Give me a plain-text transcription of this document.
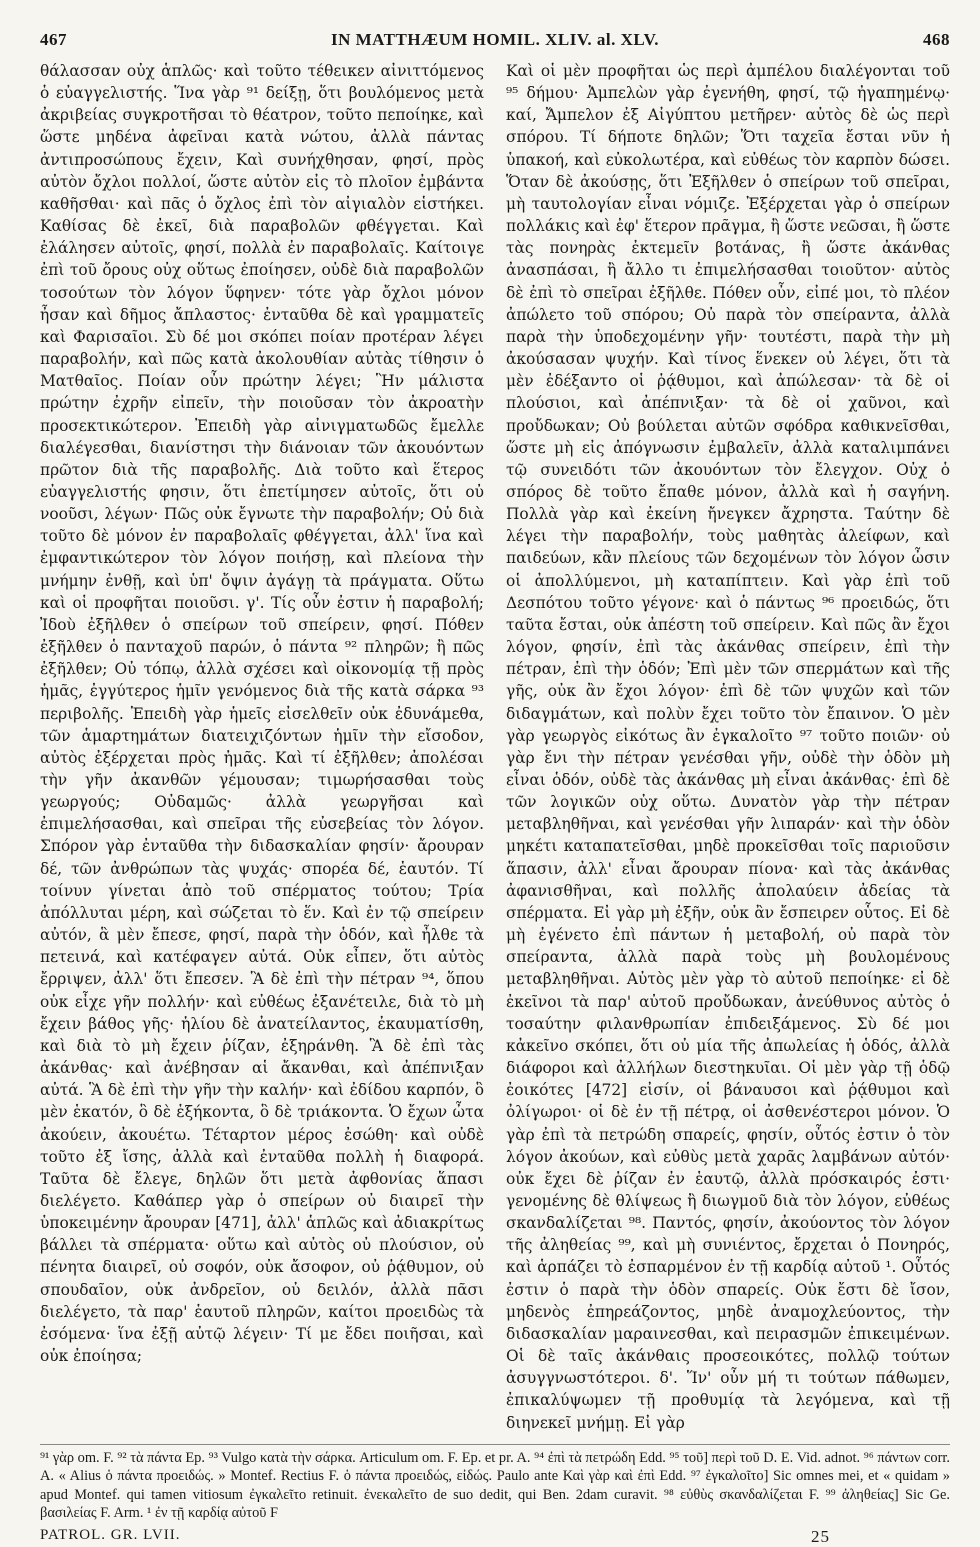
467	IN MATTHÆUM HOMIL. XLIV. al. XLV.	468

θάλασσαν οὐχ ἁπλῶς· καὶ τοῦτο τέθεικεν αἰνιττόμενος ὁ εὐαγγελιστής. Ἵνα γὰρ ⁹¹ δείξῃ, ὅτι βουλόμενος μετὰ ἀκριβείας συγκροτῆσαι τὸ θέατρον, τοῦτο πεποίηκε, καὶ ὥστε μηδένα ἀφεῖναι κατὰ νώτου, ἀλλὰ πάντας ἀντιπροσώπους ἔχειν, Καὶ συνήχθησαν, φησί, πρὸς αὐτὸν ὄχλοι πολλοί, ὥστε αὐτὸν εἰς τὸ πλοῖον ἐμβάντα καθῆσθαι· καὶ πᾶς ὁ ὄχλος ἐπὶ τὸν αἰγιαλὸν εἱστήκει. Καθίσας δὲ ἐκεῖ, διὰ παραβολῶν φθέγγεται. Καὶ ἐλάλησεν αὐτοῖς, φησί, πολλὰ ἐν παραβολαῖς. Καίτοιγε ἐπὶ τοῦ ὄρους οὐχ οὕτως ἐποίησεν, οὐδὲ διὰ παραβολῶν τοσούτων τὸν λόγον ὕφηνεν· τότε γὰρ ὄχλοι μόνον ἦσαν καὶ δῆμος ἄπλαστος· ἐνταῦθα δὲ καὶ γραμματεῖς καὶ Φαρισαῖοι. Σὺ δέ μοι σκόπει ποίαν προτέραν λέγει παραβολήν, καὶ πῶς κατὰ ἀκολουθίαν αὐτὰς τίθησιν ὁ Ματθαῖος. Ποίαν οὖν πρώτην λέγει; Ἣν μάλιστα πρώτην ἐχρῆν εἰπεῖν, τὴν ποιοῦσαν τὸν ἀκροατὴν προσεκτικώτερον. Ἐπειδὴ γὰρ αἰνιγματωδῶς ἔμελλε διαλέγεσθαι, διανίστησι τὴν διάνοιαν τῶν ἀκουόντων πρῶτον διὰ τῆς παραβολῆς. Διὰ τοῦτο καὶ ἕτερος εὐαγγελιστής φησιν, ὅτι ἐπετίμησεν αὐτοῖς, ὅτι οὐ νοοῦσι, λέγων· Πῶς οὐκ ἔγνωτε τὴν παραβολήν; Οὐ διὰ τοῦτο δὲ μόνον ἐν παραβολαῖς φθέγγεται, ἀλλ' ἵνα καὶ ἐμφαντικώτερον τὸν λόγον ποιήσῃ, καὶ πλείονα τὴν μνήμην ἐνθῇ, καὶ ὑπ' ὄψιν ἀγάγῃ τὰ πράγματα. Οὕτω καὶ οἱ προφῆται ποιοῦσι. γ'. Τίς οὖν ἐστιν ἡ παραβολή; Ἰδοὺ ἐξῆλθεν ὁ σπείρων τοῦ σπείρειν, φησί. Πόθεν ἐξῆλθεν ὁ πανταχοῦ παρών, ὁ πάντα ⁹² πληρῶν; ἢ πῶς ἐξῆλθεν; Οὐ τόπῳ, ἀλλὰ σχέσει καὶ οἰκονομίᾳ τῇ πρὸς ἡμᾶς, ἐγγύτερος ἡμῖν γενόμενος διὰ τῆς κατὰ σάρκα ⁹³ περιβολῆς. Ἐπειδὴ γὰρ ἡμεῖς εἰσελθεῖν οὐκ ἐδυνάμεθα, τῶν ἁμαρτημάτων διατειχιζόντων ἡμῖν τὴν εἴσοδον, αὐτὸς ἐξέρχεται πρὸς ἡμᾶς. Καὶ τί ἐξῆλθεν; ἀπολέσαι τὴν γῆν ἀκανθῶν γέμουσαν; τιμωρήσασθαι τοὺς γεωργούς; Οὐδαμῶς· ἀλλὰ γεωργῆσαι καὶ ἐπιμελήσασθαι, καὶ σπεῖραι τῆς εὐσεβείας τὸν λόγον. Σπόρον γὰρ ἐνταῦθα τὴν διδασκαλίαν φησίν· ἄρουραν δέ, τῶν ἀνθρώπων τὰς ψυχάς· σπορέα δέ, ἑαυτόν. Τί τοίνυν γίνεται ἀπὸ τοῦ σπέρματος τούτου; Τρία ἀπόλλυται μέρη, καὶ σώζεται τὸ ἕν. Καὶ ἐν τῷ σπείρειν αὐτόν, ἃ μὲν ἔπεσε, φησί, παρὰ τὴν ὁδόν, καὶ ἦλθε τὰ πετεινά, καὶ κατέφαγεν αὐτά. Οὐκ εἶπεν, ὅτι αὐτὸς ἔρριψεν, ἀλλ' ὅτι ἔπεσεν. Ἃ δὲ ἐπὶ τὴν πέτραν ⁹⁴, ὅπου οὐκ εἶχε γῆν πολλήν· καὶ εὐθέως ἐξανέτειλε, διὰ τὸ μὴ ἔχειν βάθος γῆς· ἡλίου δὲ ἀνατείλαντος, ἐκαυματίσθη, καὶ διὰ τὸ μὴ ἔχειν ῥίζαν, ἐξηράνθη. Ἃ δὲ ἐπὶ τὰς ἀκάνθας· καὶ ἀνέβησαν αἱ ἄκανθαι, καὶ ἀπέπνιξαν αὐτά. Ἃ δὲ ἐπὶ τὴν γῆν τὴν καλήν· καὶ ἐδίδου καρπόν, ὃ μὲν ἑκατόν, ὃ δὲ ἑξήκοντα, ὃ δὲ τριάκοντα. Ὁ ἔχων ὦτα ἀκούειν, ἀκουέτω. Τέταρτον μέρος ἐσώθη· καὶ οὐδὲ τοῦτο ἐξ ἴσης, ἀλλὰ καὶ ἐνταῦθα πολλὴ ἡ διαφορά. Ταῦτα δὲ ἔλεγε, δηλῶν ὅτι μετὰ ἀφθονίας ἅπασι διελέγετο. Καθάπερ γὰρ ὁ σπείρων οὐ διαιρεῖ τὴν ὑποκειμένην ἄρουραν [471], ἀλλ' ἁπλῶς καὶ ἀδιακρίτως βάλλει τὰ σπέρματα· οὕτω καὶ αὐτὸς οὐ πλούσιον, οὐ πένητα διαιρεῖ, οὐ σοφόν, οὐκ ἄσοφον, οὐ ῥᾴθυμον, οὐ σπουδαῖον, οὐκ ἀνδρεῖον, οὐ δειλόν, ἀλλὰ πᾶσι διελέγετο, τὰ παρ' ἑαυτοῦ πληρῶν, καίτοι προειδὼς τὰ ἐσόμενα· ἵνα ἐξῇ αὐτῷ λέγειν· Τί με ἔδει ποιῆσαι, καὶ οὐκ ἐποίησα;

Καὶ οἱ μὲν προφῆται ὡς περὶ ἀμπέλου διαλέγονται τοῦ ⁹⁵ δήμου· Ἀμπελὼν γὰρ ἐγενήθη, φησί, τῷ ἠγαπημένῳ· καί, Ἄμπελον ἐξ Αἰγύπτου μετῆρεν· αὐτὸς δὲ ὡς περὶ σπόρου. Τί δήποτε δηλῶν; Ὅτι ταχεῖα ἔσται νῦν ἡ ὑπακοή, καὶ εὐκολωτέρα, καὶ εὐθέως τὸν καρπὸν δώσει. Ὅταν δὲ ἀκούσῃς, ὅτι Ἐξῆλθεν ὁ σπείρων τοῦ σπεῖραι, μὴ ταυτολογίαν εἶναι νόμιζε. Ἐξέρχεται γὰρ ὁ σπείρων πολλάκις καὶ ἐφ' ἕτερον πρᾶγμα, ἢ ὥστε νεῶσαι, ἢ ὥστε τὰς πονηρὰς ἐκτεμεῖν βοτάνας, ἢ ὥστε ἀκάνθας ἀνασπάσαι, ἢ ἄλλο τι ἐπιμελήσασθαι τοιοῦτον· αὐτὸς δὲ ἐπὶ τὸ σπεῖραι ἐξῆλθε. Πόθεν οὖν, εἰπέ μοι, τὸ πλέον ἀπώλετο τοῦ σπόρου; Οὐ παρὰ τὸν σπείραντα, ἀλλὰ παρὰ τὴν ὑποδεχομένην γῆν· τουτέστι, παρὰ τὴν μὴ ἀκούσασαν ψυχήν. Καὶ τίνος ἕνεκεν οὐ λέγει, ὅτι τὰ μὲν ἐδέξαντο οἱ ῥᾴθυμοι, καὶ ἀπώλεσαν· τὰ δὲ οἱ πλούσιοι, καὶ ἀπέπνιξαν· τὰ δὲ οἱ χαῦνοι, καὶ προὔδωκαν; Οὐ βούλεται αὐτῶν σφόδρα καθικνεῖσθαι, ὥστε μὴ εἰς ἀπόγνωσιν ἐμβαλεῖν, ἀλλὰ καταλιμπάνει τῷ συνειδότι τῶν ἀκουόντων τὸν ἔλεγχον. Οὐχ ὁ σπόρος δὲ τοῦτο ἔπαθε μόνον, ἀλλὰ καὶ ἡ σαγήνη. Πολλὰ γὰρ καὶ ἐκείνη ἤνεγκεν ἄχρηστα. Ταύτην δὲ λέγει τὴν παραβολήν, τοὺς μαθητὰς ἀλείφων, καὶ παιδεύων, κἂν πλείους τῶν δεχομένων τὸν λόγον ὦσιν οἱ ἀπολλύμενοι, μὴ καταπίπτειν. Καὶ γὰρ ἐπὶ τοῦ Δεσπότου τοῦτο γέγονε· καὶ ὁ πάντως ⁹⁶ προειδώς, ὅτι ταῦτα ἔσται, οὐκ ἀπέστη τοῦ σπείρειν. Καὶ πῶς ἂν ἔχοι λόγον, φησίν, ἐπὶ τὰς ἀκάνθας σπείρειν, ἐπὶ τὴν πέτραν, ἐπὶ τὴν ὁδόν; Ἐπὶ μὲν τῶν σπερμάτων καὶ τῆς γῆς, οὐκ ἂν ἔχοι λόγον· ἐπὶ δὲ τῶν ψυχῶν καὶ τῶν διδαγμάτων, καὶ πολὺν ἔχει τοῦτο τὸν ἔπαινον. Ὁ μὲν γὰρ γεωργὸς εἰκότως ἂν ἐγκαλοῖτο ⁹⁷ τοῦτο ποιῶν· οὐ γὰρ ἔνι τὴν πέτραν γενέσθαι γῆν, οὐδὲ τὴν ὁδὸν μὴ εἶναι ὁδόν, οὐδὲ τὰς ἀκάνθας μὴ εἶναι ἀκάνθας· ἐπὶ δὲ τῶν λογικῶν οὐχ οὕτω. Δυνατὸν γὰρ τὴν πέτραν μεταβληθῆναι, καὶ γενέσθαι γῆν λιπαράν· καὶ τὴν ὁδὸν μηκέτι καταπατεῖσθαι, μηδὲ προκεῖσθαι τοῖς παριοῦσιν ἅπασιν, ἀλλ' εἶναι ἄρουραν πίονα· καὶ τὰς ἀκάνθας ἀφανισθῆναι, καὶ πολλῆς ἀπολαύειν ἀδείας τὰ σπέρματα. Εἰ γὰρ μὴ ἐξῆν, οὐκ ἂν ἔσπειρεν οὗτος. Εἰ δὲ μὴ ἐγένετο ἐπὶ πάντων ἡ μεταβολή, οὐ παρὰ τὸν σπείραντα, ἀλλὰ παρὰ τοὺς μὴ βουλομένους μεταβληθῆναι. Αὐτὸς μὲν γὰρ τὸ αὐτοῦ πεποίηκε· εἰ δὲ ἐκεῖνοι τὰ παρ' αὐτοῦ προὔδωκαν, ἀνεύθυνος αὐτὸς ὁ τοσαύτην φιλανθρωπίαν ἐπιδειξάμενος. Σὺ δέ μοι κἀκεῖνο σκόπει, ὅτι οὐ μία τῆς ἀπωλείας ἡ ὁδός, ἀλλὰ διάφοροι καὶ ἀλλήλων διεστηκυῖαι. Οἱ μὲν γὰρ τῇ ὁδῷ ἐοικότες [472] εἰσίν, οἱ βάναυσοι καὶ ῥᾴθυμοι καὶ ὀλίγωροι· οἱ δὲ ἐν τῇ πέτρᾳ, οἱ ἀσθενέστεροι μόνον. Ὁ γὰρ ἐπὶ τὰ πετρώδη σπαρείς, φησίν, οὗτός ἐστιν ὁ τὸν λόγον ἀκούων, καὶ εὐθὺς μετὰ χαρᾶς λαμβάνων αὐτόν· οὐκ ἔχει δὲ ῥίζαν ἐν ἑαυτῷ, ἀλλὰ πρόσκαιρός ἐστι· γενομένης δὲ θλίψεως ἢ διωγμοῦ διὰ τὸν λόγον, εὐθέως σκανδαλίζεται ⁹⁸. Παντός, φησίν, ἀκούοντος τὸν λόγον τῆς ἀληθείας ⁹⁹, καὶ μὴ συνιέντος, ἔρχεται ὁ Πονηρός, καὶ ἁρπάζει τὸ ἐσπαρμένον ἐν τῇ καρδίᾳ αὐτοῦ ¹. Οὗτός ἐστιν ὁ παρὰ τὴν ὁδὸν σπαρείς. Οὐκ ἔστι δὲ ἴσον, μηδενὸς ἐπηρεάζοντος, μηδὲ ἀναμοχλεύοντος, τὴν διδασκαλίαν μαραινεσθαι, καὶ πειρασμῶν ἐπικειμένων. Οἱ δὲ ταῖς ἀκάνθαις προσεοικότες, πολλῷ τούτων ἀσυγγνωστότεροι. δ'. Ἵν' οὖν μή τι τούτων πάθωμεν, ἐπικαλύψωμεν τῇ προθυμίᾳ τὰ λεγόμενα, καὶ τῇ διηνεκεῖ μνήμῃ. Εἰ γὰρ

⁹¹ γὰρ om. F. ⁹² τὰ πάντα Ep. ⁹³ Vulgo κατὰ τὴν σάρκα. Articulum om. F. Ep. et pr. A. ⁹⁴ ἐπὶ τὰ πετρώδη Edd. ⁹⁵ τοῦ] περὶ τοῦ D. E. Vid. adnot. ⁹⁶ πάντων corr. A. « Alius ὁ πάντα προειδώς. » Montef. Rectius F. ὁ πάντα προειδώς, εἰδώς. Paulo ante Καὶ γὰρ καὶ ἐπὶ Edd. ⁹⁷ ἐγκαλοῖτο] Sic omnes mei, et « quidam » apud Montef. qui tamen vitiosum ἐγκαλεῖτο retinuit. ἐνεκαλεῖτο de suo dedit, qui Ben. 2dam curavit. ⁹⁸ εὐθὺς σκανδαλίζεται F. ⁹⁹ ἀληθείας] Sic Ge. βασιλείας F. Arm. ¹ ἐν τῇ καρδίᾳ αὐτοῦ F
PATROL. GR. LVII.	25
